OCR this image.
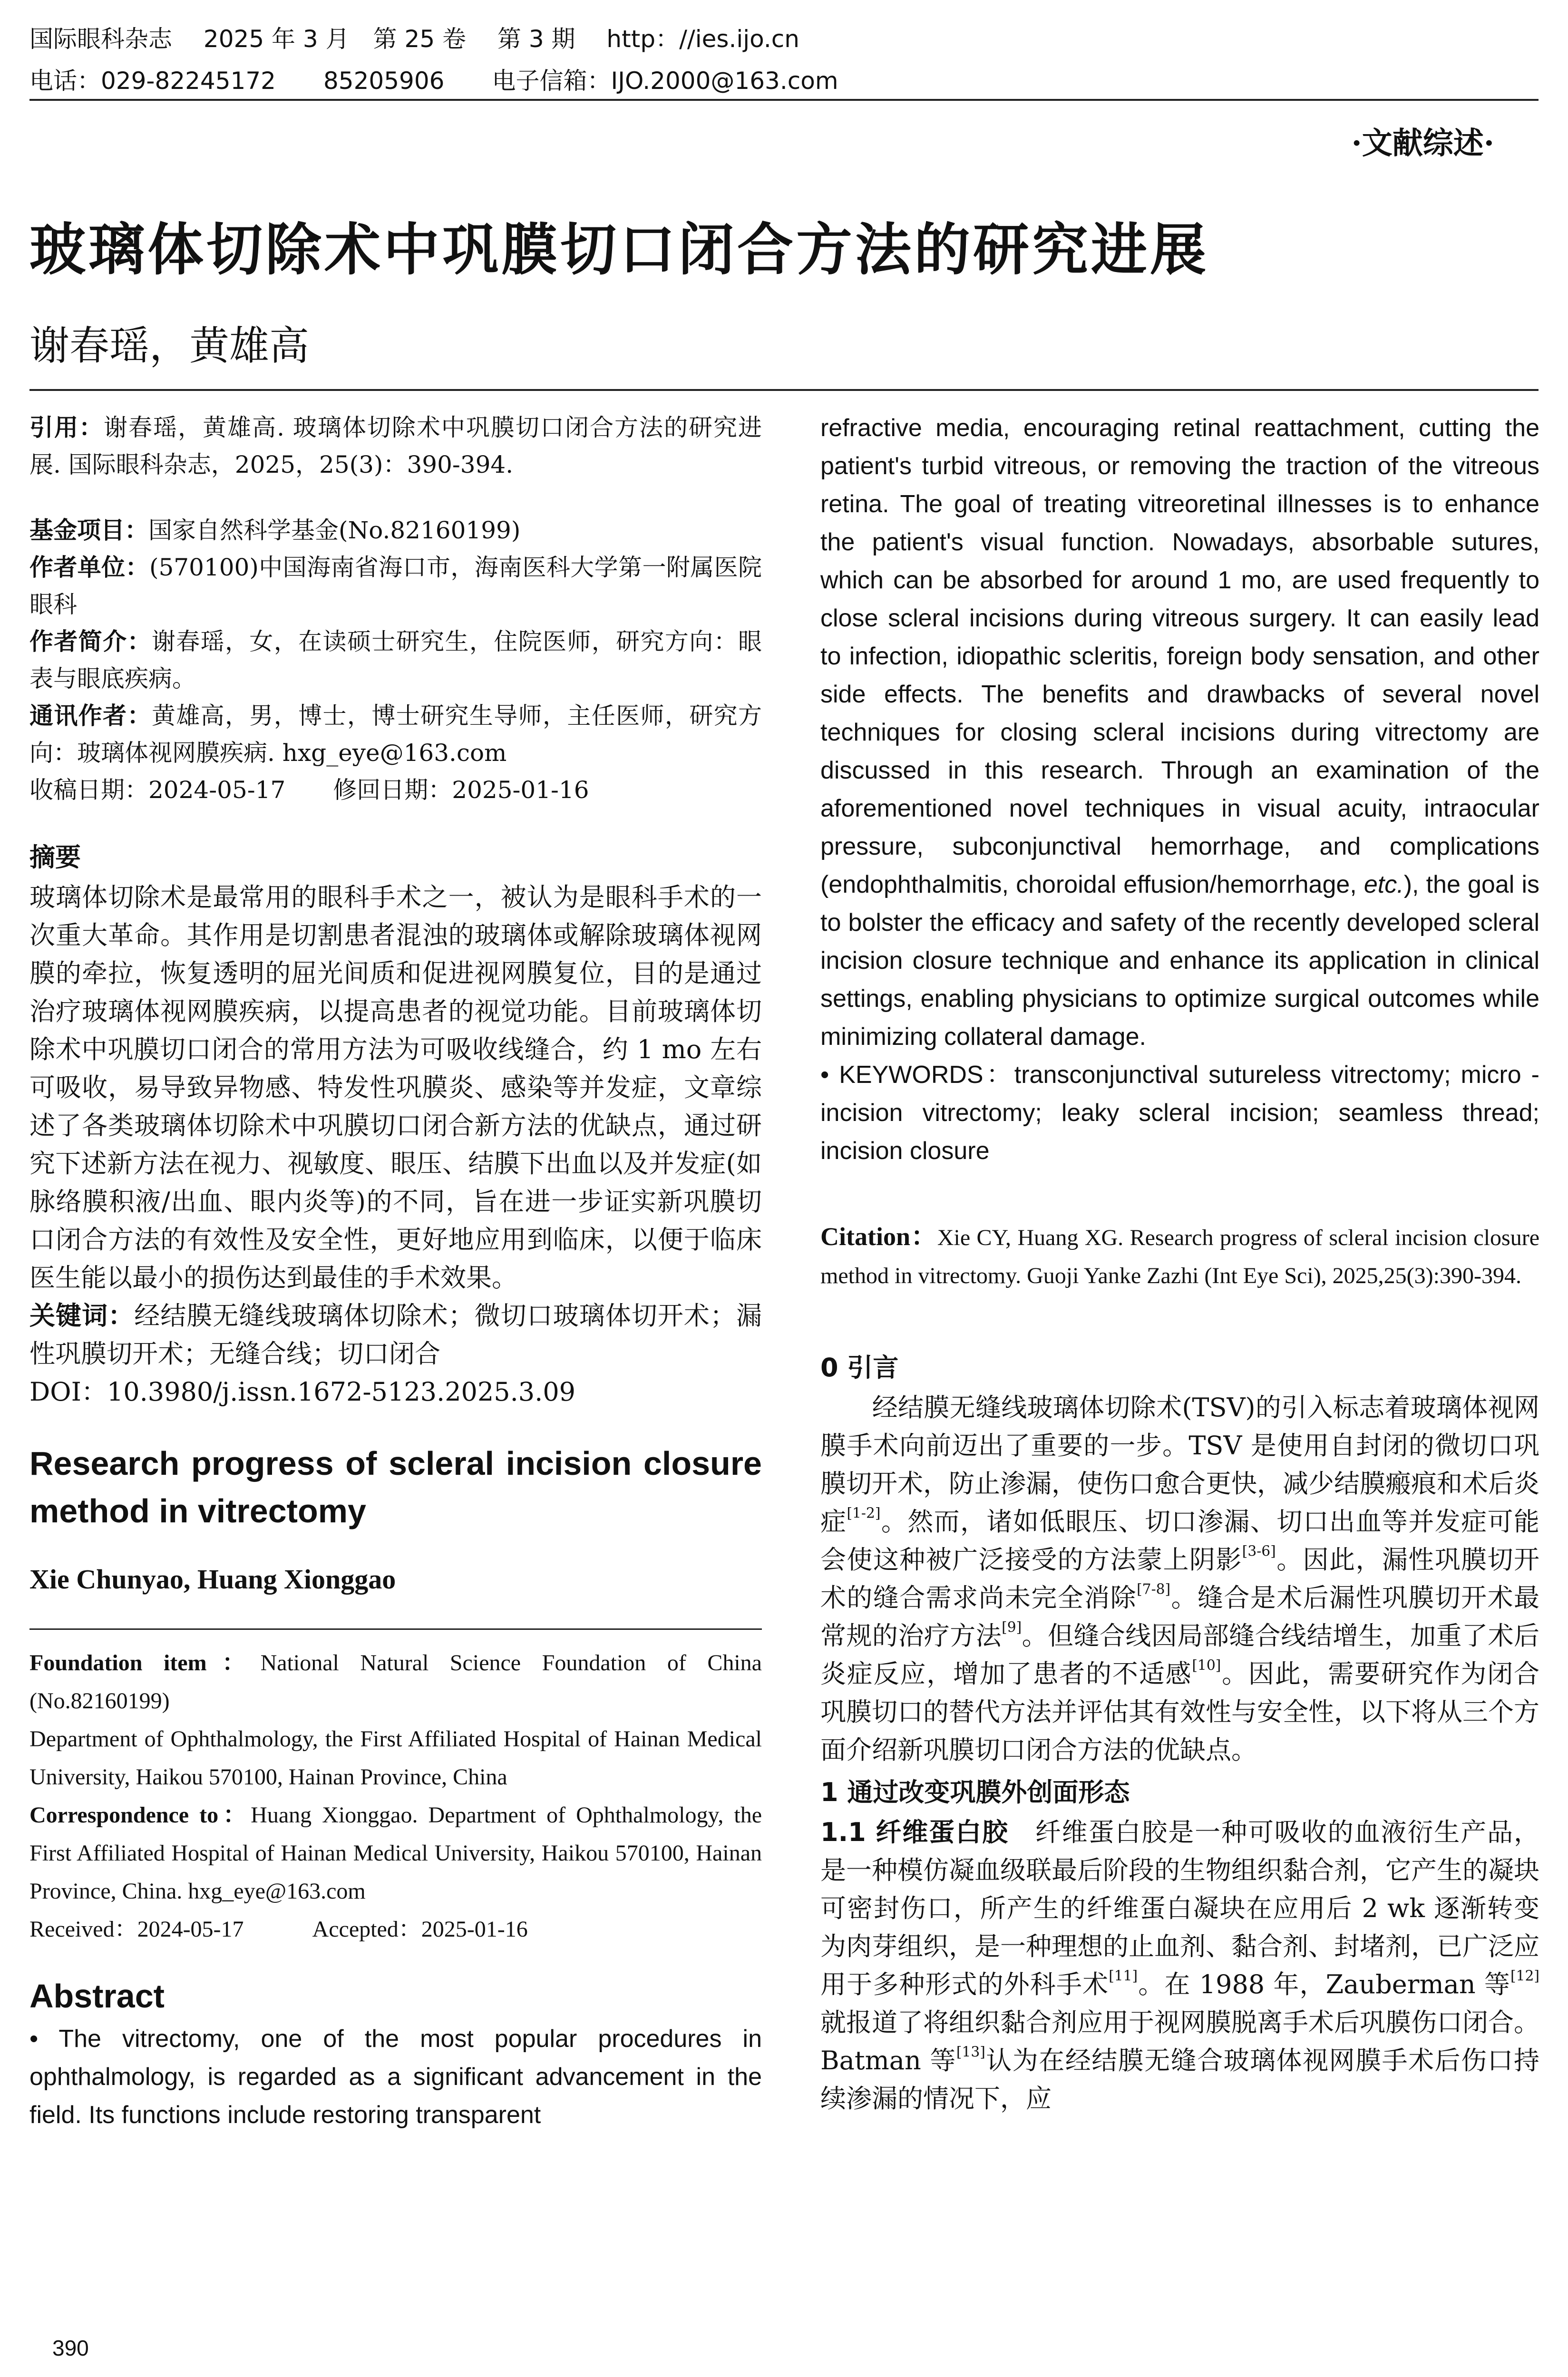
国际眼科杂志　 2025 年 3 月　第 25 卷　 第 3 期　 http：//ies.ijo.cn
电话：029-82245172　　85205906　　电子信箱：IJO.2000@163.com
·文献综述·
玻璃体切除术中巩膜切口闭合方法的研究进展
谢春瑶，黄雄高
引用：谢春瑶，黄雄高. 玻璃体切除术中巩膜切口闭合方法的研究进展. 国际眼科杂志，2025，25(3)：390-394.
基金项目：国家自然科学基金(No.82160199)
作者单位：(570100)中国海南省海口市，海南医科大学第一附属医院眼科
作者简介：谢春瑶，女，在读硕士研究生，住院医师，研究方向：眼表与眼底疾病。
通讯作者：黄雄高，男，博士，博士研究生导师，主任医师，研究方向：玻璃体视网膜疾病. hxg_eye@163.com
收稿日期：2024-05-17　　修回日期：2025-01-16
摘要
玻璃体切除术是最常用的眼科手术之一，被认为是眼科手术的一次重大革命。其作用是切割患者混浊的玻璃体或解除玻璃体视网膜的牵拉，恢复透明的屈光间质和促进视网膜复位，目的是通过治疗玻璃体视网膜疾病，以提高患者的视觉功能。目前玻璃体切除术中巩膜切口闭合的常用方法为可吸收线缝合，约 1 mo 左右可吸收，易导致异物感、特发性巩膜炎、感染等并发症，文章综述了各类玻璃体切除术中巩膜切口闭合新方法的优缺点，通过研究下述新方法在视力、视敏度、眼压、结膜下出血以及并发症(如脉络膜积液/出血、眼内炎等)的不同，旨在进一步证实新巩膜切口闭合方法的有效性及安全性，更好地应用到临床，以便于临床医生能以最小的损伤达到最佳的手术效果。
关键词：经结膜无缝线玻璃体切除术；微切口玻璃体切开术；漏性巩膜切开术；无缝合线；切口闭合
DOI：10.3980/j.issn.1672-5123.2025.3.09
Research progress of scleral incision closure method in vitrectomy
Xie Chunyao, Huang Xionggao
Foundation item：National Natural Science Foundation of China (No.82160199)
Department of Ophthalmology, the First Affiliated Hospital of Hainan Medical University, Haikou 570100, Hainan Province, China
Correspondence to：Huang Xionggao. Department of Ophthalmology, the First Affiliated Hospital of Hainan Medical University, Haikou 570100, Hainan Province, China. hxg_eye@163.com
Received：2024-05-17　　　Accepted：2025-01-16
Abstract
• The vitrectomy, one of the most popular procedures in ophthalmology, is regarded as a significant advancement in the field. Its functions include restoring transparent
refractive media, encouraging retinal reattachment, cutting the patient's turbid vitreous, or removing the traction of the vitreous retina. The goal of treating vitreoretinal illnesses is to enhance the patient's visual function. Nowadays, absorbable sutures, which can be absorbed for around 1 mo, are used frequently to close scleral incisions during vitreous surgery. It can easily lead to infection, idiopathic scleritis, foreign body sensation, and other side effects. The benefits and drawbacks of several novel techniques for closing scleral incisions during vitrectomy are discussed in this research. Through an examination of the aforementioned novel techniques in visual acuity, intraocular pressure, subconjunctival hemorrhage, and complications (endophthalmitis, choroidal effusion/hemorrhage, etc.), the goal is to bolster the efficacy and safety of the recently developed scleral incision closure technique and enhance its application in clinical settings, enabling physicians to optimize surgical outcomes while minimizing collateral damage.
• KEYWORDS：transconjunctival sutureless vitrectomy; micro - incision vitrectomy; leaky scleral incision; seamless thread; incision closure
Citation：Xie CY, Huang XG. Research progress of scleral incision closure method in vitrectomy. Guoji Yanke Zazhi (Int Eye Sci), 2025,25(3):390-394.
0 引言
　　经结膜无缝线玻璃体切除术(TSV)的引入标志着玻璃体视网膜手术向前迈出了重要的一步。TSV 是使用自封闭的微切口巩膜切开术，防止渗漏，使伤口愈合更快，减少结膜瘢痕和术后炎症[1-2]。然而，诸如低眼压、切口渗漏、切口出血等并发症可能会使这种被广泛接受的方法蒙上阴影[3-6]。因此，漏性巩膜切开术的缝合需求尚未完全消除[7-8]。缝合是术后漏性巩膜切开术最常规的治疗方法[9]。但缝合线因局部缝合线结增生，加重了术后炎症反应，增加了患者的不适感[10]。因此，需要研究作为闭合巩膜切口的替代方法并评估其有效性与安全性，以下将从三个方面介绍新巩膜切口闭合方法的优缺点。
1 通过改变巩膜外创面形态
1.1 纤维蛋白胶　纤维蛋白胶是一种可吸收的血液衍生产品，是一种模仿凝血级联最后阶段的生物组织黏合剂，它产生的凝块可密封伤口，所产生的纤维蛋白凝块在应用后 2 wk 逐渐转变为肉芽组织，是一种理想的止血剂、黏合剂、封堵剂，已广泛应用于多种形式的外科手术[11]。在 1988 年，Zauberman 等[12]就报道了将组织黏合剂应用于视网膜脱离手术后巩膜伤口闭合。Batman 等[13]认为在经结膜无缝合玻璃体视网膜手术后伤口持续渗漏的情况下，应
390
